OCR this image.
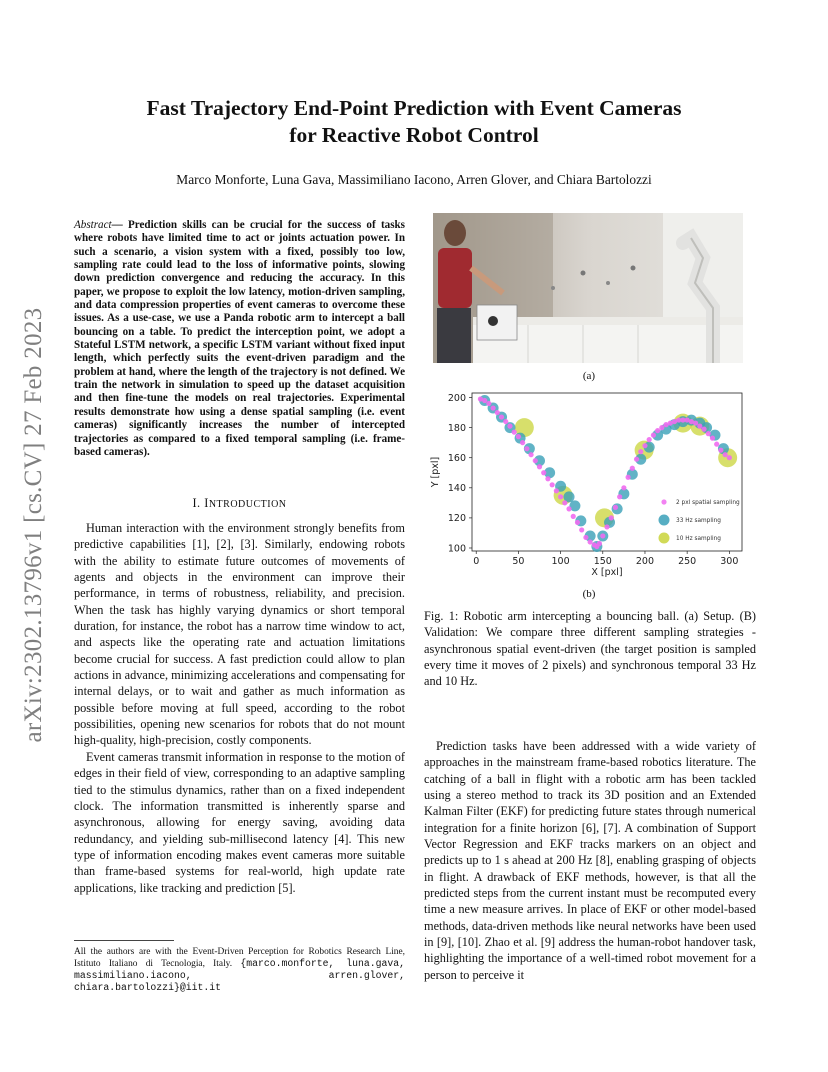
arXiv:2302.13796v1 [cs.CV] 27 Feb 2023
Fast Trajectory End-Point Prediction with Event Cameras
for Reactive Robot Control
Marco Monforte, Luna Gava, Massimiliano Iacono, Arren Glover, and Chiara Bartolozzi
Abstract— Prediction skills can be crucial for the success of tasks where robots have limited time to act or joints actuation power. In such a scenario, a vision system with a fixed, possibly too low, sampling rate could lead to the loss of informative points, slowing down prediction convergence and reducing the accuracy. In this paper, we propose to exploit the low latency, motion-driven sampling, and data compression properties of event cameras to overcome these issues. As a use-case, we use a Panda robotic arm to intercept a ball bouncing on a table. To predict the interception point, we adopt a Stateful LSTM network, a specific LSTM variant without fixed input length, which perfectly suits the event-driven paradigm and the problem at hand, where the length of the trajectory is not defined. We train the network in simulation to speed up the dataset acquisition and then fine-tune the models on real trajectories. Experimental results demonstrate how using a dense spatial sampling (i.e. event cameras) significantly increases the number of intercepted trajectories as compared to a fixed temporal sampling (i.e. frame-based cameras).
I. INTRODUCTION

Human interaction with the environment strongly benefits from predictive capabilities [1], [2], [3]. Similarly, endowing robots with the ability to estimate future outcomes of movements of agents and objects in the environment can improve their performance, in terms of robustness, reliability, and precision. When the task has highly varying dynamics or short temporal duration, for instance, the robot has a narrow time window to act, and aspects like the operating rate and actuation limitations become crucial for success. A fast prediction could allow to plan actions in advance, minimizing accelerations and compensating for internal delays, or to wait and gather as much information as possible before moving at full speed, according to the robot possibilities, opening new scenarios for robots that do not mount high-quality, high-precision, costly components.

Event cameras transmit information in response to the motion of edges in their field of view, corresponding to an adaptive sampling tied to the stimulus dynamics, rather than on a fixed independent clock. The information transmitted is inherently sparse and asynchronous, allowing for energy saving, avoiding data redundancy, and yielding sub-millisecond latency [4]. This new type of information encoding makes event cameras more suitable than frame-based systems for real-world, high update rate applications, like tracking and prediction [5].

All the authors are with the Event-Driven Perception for Robotics Research Line, Istituto Italiano di Tecnologia, Italy. {marco.monforte, luna.gava, massimiliano.iacono, arren.glover, chiara.bartolozzi}@iit.it
(a)
0	50	100	150	200	250	300
100
120
140
160
180
200
X [pxl]
Y [pxl]
2 pxl spatial sampling
33 Hz sampling
10 Hz sampling
(b)
Fig. 1: Robotic arm intercepting a bouncing ball. (a) Setup. (B) Validation: We compare three different sampling strategies - asynchronous spatial event-driven (the target position is sampled every time it moves of 2 pixels) and synchronous temporal 33 Hz and 10 Hz.

Prediction tasks have been addressed with a wide variety of approaches in the mainstream frame-based robotics literature. The catching of a ball in flight with a robotic arm has been tackled using a stereo method to track its 3D position and an Extended Kalman Filter (EKF) for predicting future states through numerical integration for a finite horizon [6], [7]. A combination of Support Vector Regression and EKF tracks markers on an object and predicts up to 1 s ahead at 200 Hz [8], enabling grasping of objects in flight. A drawback of EKF methods, however, is that all the predicted steps from the current instant must be recomputed every time a new measure arrives. In place of EKF or other model-based methods, data-driven methods like neural networks have been used in [9], [10]. Zhao et al. [9] address the human-robot handover task, highlighting the importance of a well-timed robot movement for a person to perceive it
